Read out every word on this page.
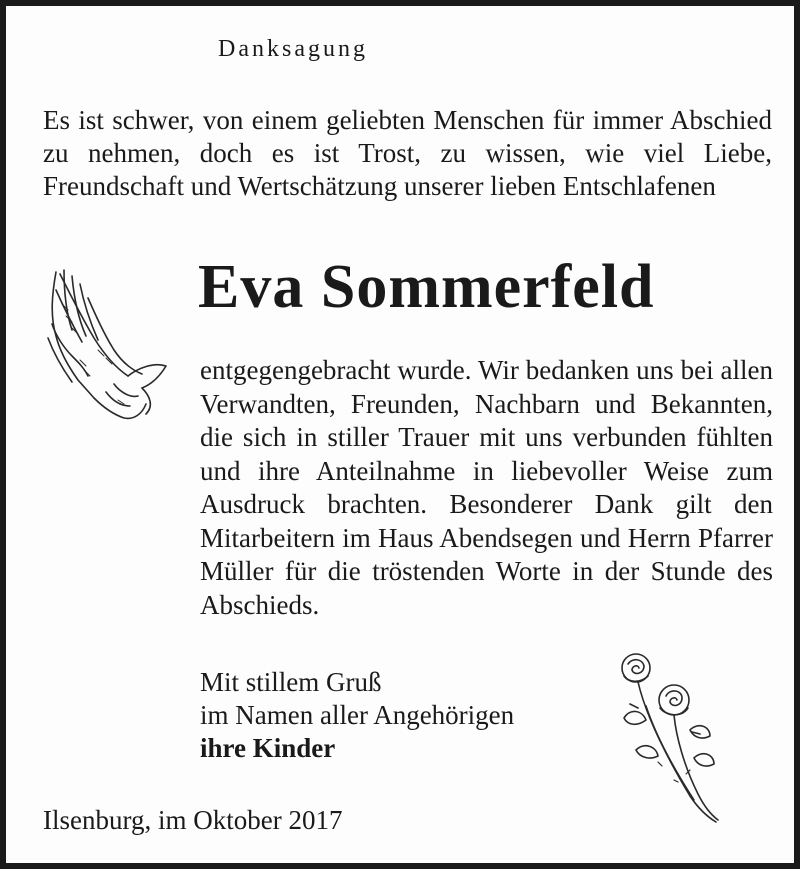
Danksagung

Es ist schwer, von einem geliebten Menschen für immer Abschied zu nehmen, doch es ist Trost, zu wissen, wie viel Liebe, Freundschaft und Wertschätzung unserer lieben Entschlafenen

Eva Sommerfeld

entgegengebracht wurde. Wir bedanken uns bei allen Verwandten, Freunden, Nachbarn und Bekannten, die sich in stiller Trauer mit uns verbunden fühlten und ihre Anteilnahme in liebevoller Weise zum Ausdruck brachten. Besonderer Dank gilt den Mitarbeitern im Haus Abendsegen und Herrn Pfarrer Müller für die tröstenden Worte in der Stunde des Abschieds.

Mit stillem Gruß
im Namen aller Angehörigen
ihre Kinder

Ilsenburg, im Oktober 2017
